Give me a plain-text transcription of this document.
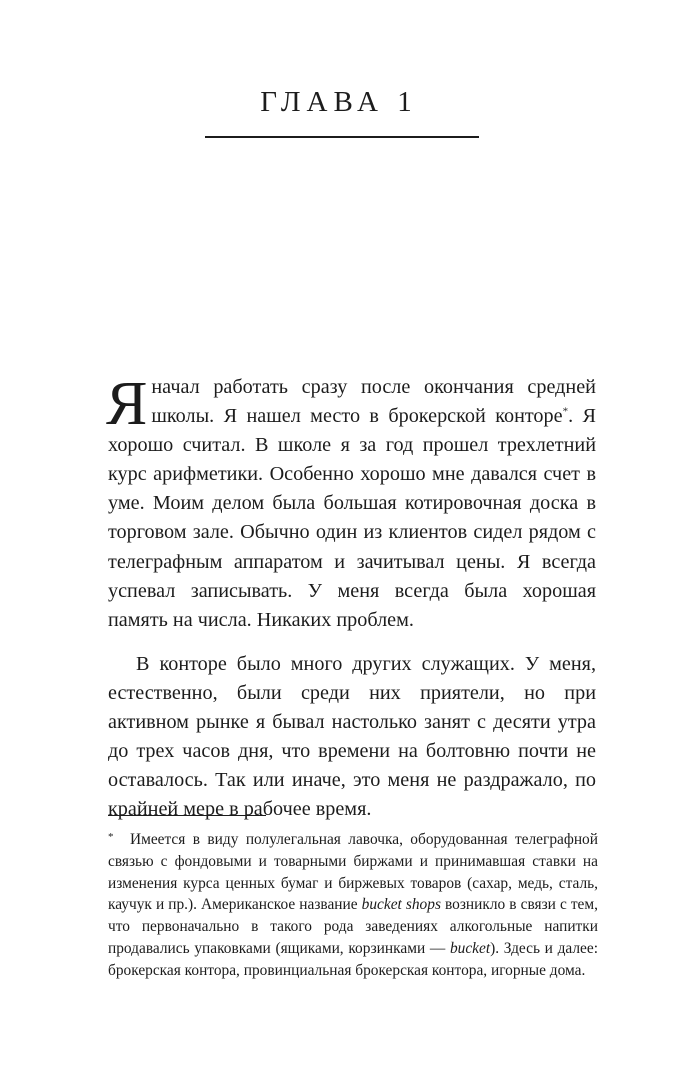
ГЛАВА 1

Яначал работать сразу после окончания средней школы. Я нашел место в брокерской конторе*. Я хорошо считал. В школе я за год прошел трехлетний курс арифметики. Особенно хорошо мне давался счет в уме. Моим делом была большая котировочная доска в торговом зале. Обычно один из клиентов сидел рядом с телеграфным аппаратом и зачитывал цены. Я всегда успевал записывать. У меня всегда была хорошая память на числа. Никаких проблем.

В конторе было много других служащих. У меня, естественно, были среди них приятели, но при активном рынке я бывал настолько занят с десяти утра до трех часов дня, что времени на болтовню почти не оставалось. Так или иначе, это меня не раздражало, по крайней мере в рабочее время.

*	Имеется в виду полулегальная лавочка, оборудованная телеграфной связью с фондовыми и товарными биржами и принимавшая ставки на изменения курса ценных бумаг и биржевых товаров (сахар, медь, сталь, каучук и пр.). Американское название bucket shops возникло в связи с тем, что первоначально в такого рода заведениях алкогольные напитки продавались упаковками (ящиками, корзинками — bucket). Здесь и далее: брокерская контора, провинциальная брокерская контора, игорные дома.
